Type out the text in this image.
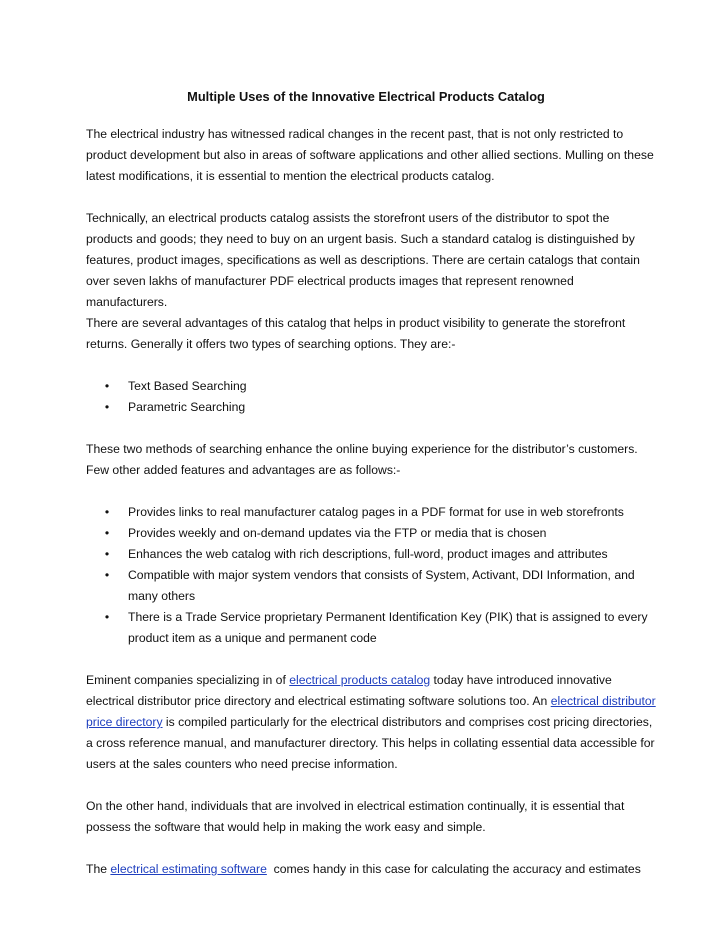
Multiple Uses of the Innovative Electrical Products Catalog

The electrical industry has witnessed radical changes in the recent past, that is not only restricted to
product development but also in areas of software applications and other allied sections. Mulling on these
latest modifications, it is essential to mention the electrical products catalog.

Technically, an electrical products catalog assists the storefront users of the distributor to spot the
products and goods; they need to buy on an urgent basis. Such a standard catalog is distinguished by
features, product images, specifications as well as descriptions. There are certain catalogs that contain
over seven lakhs of manufacturer PDF electrical products images that represent renowned
manufacturers.

There are several advantages of this catalog that helps in product visibility to generate the storefront
returns. Generally it offers two types of searching options. They are:-

• Text Based Searching
• Parametric Searching

These two methods of searching enhance the online buying experience for the distributor’s customers.
Few other added features and advantages are as follows:-

• Provides links to real manufacturer catalog pages in a PDF format for use in web storefronts
• Provides weekly and on-demand updates via the FTP or media that is chosen
• Enhances the web catalog with rich descriptions, full-word, product images and attributes
• Compatible with major system vendors that consists of System, Activant, DDI Information, and
many others
• There is a Trade Service proprietary Permanent Identification Key (PIK) that is assigned to every
product item as a unique and permanent code

Eminent companies specializing in of electrical products catalog today have introduced innovative
electrical distributor price directory and electrical estimating software solutions too. An electrical distributor
price directory is compiled particularly for the electrical distributors and comprises cost pricing directories,
a cross reference manual, and manufacturer directory. This helps in collating essential data accessible for
users at the sales counters who need precise information.

On the other hand, individuals that are involved in electrical estimation continually, it is essential that
possess the software that would help in making the work easy and simple.

The electrical estimating software  comes handy in this case for calculating the accuracy and estimates
